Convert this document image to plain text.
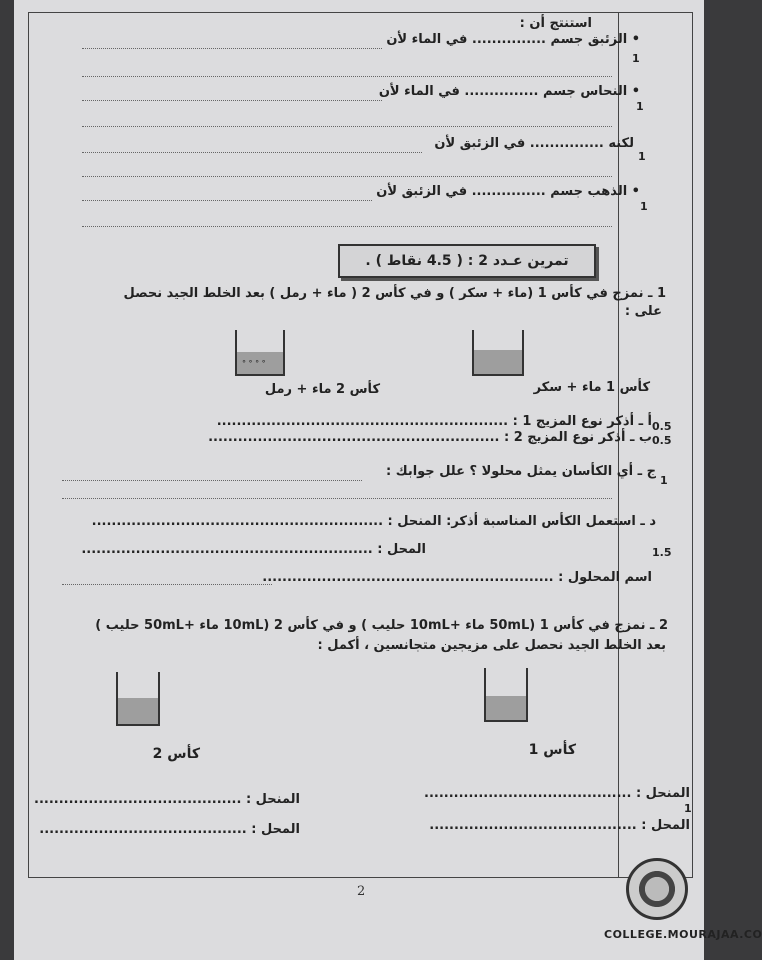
استنتج أن :
• الزئبق جسم ............... في الماء لأن
1
• النحاس جسم ............... في الماء لأن
1
لكنه ............... في الزئبق لأن
1
• الذهب جسم ............... في الزئبق لأن
1
تمرين عـدد 2 : ( 4.5 نقاط ) .
1 ـ نمزج في كأس 1 (ماء + سكر ) و في كأس 2 ( ماء + رمل ) بعد الخلط الجيد نحصل
على :
° ° ° °
كأس 2 ماء + رمل	كأس 1 ماء + سكر
أ ـ أذكر نوع المزيج 1 : ........................................................... 0.5
ب ـ أذكر نوع المزيج 2 : ........................................................... 0.5
ج ـ أي الكأسان يمثل محلولا ؟ علل جوابك :
1
د ـ استعمل الكأس المناسبة أذكر: المنحل : ...........................................................
المحل : ...........................................................
اسم المحلول : ...........................................................
1.5
2 ـ نمزج في كأس 1 (50mL ماء +10mL حليب ) و في كأس 2 (10mL ماء +50mL حليب )
بعد الخلط الجيد نحصل على مزيجين متجانسين ، أكمل :
كأس 2	كأس 1
المنحل : ..........................................
المحل : ..........................................
المنحل : ..........................................
المحل : ..........................................
1
2
COLLEGE.MOURAJAA.CO
